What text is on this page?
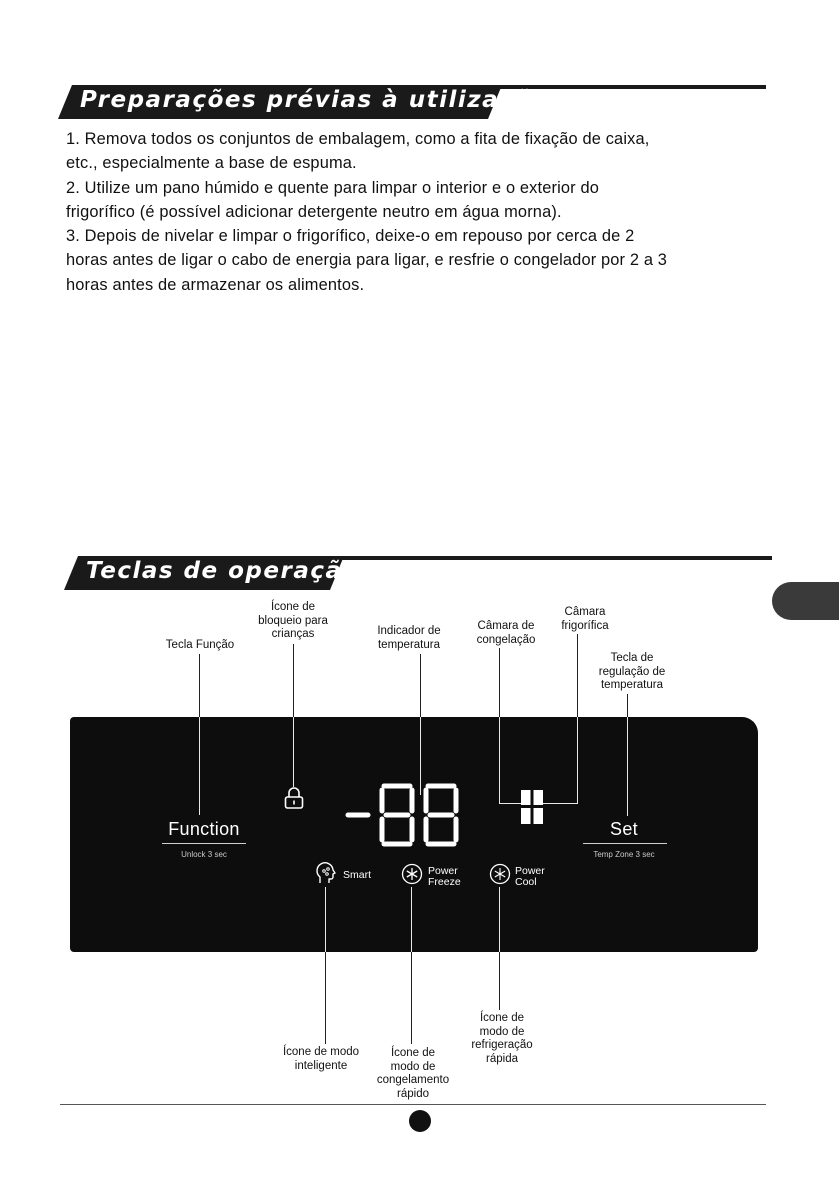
Preparações prévias à utilização

1. Remova todos os conjuntos de embalagem, como a fita de fixação de caixa,

etc., especialmente a base de espuma.

2. Utilize um pano húmido e quente para limpar o interior e o exterior do

frigorífico (é possível adicionar detergente neutro em água morna).

3. Depois de nivelar e limpar o frigorífico, deixe-o em repouso por cerca de 2

horas antes de ligar o cabo de energia para ligar, e resfrie o congelador por 2 a 3

horas antes de armazenar os alimentos.

Teclas de operação
Tecla Função
Ícone de
bloqueio para
crianças	Indicador de
temperatura
Câmara de
congelação
Câmara
frigorífica
Tecla de
regulação de
temperatura
Function
Unlock 3 sec
Set
Temp Zone 3 sec
Smart	Power
Freeze
Power
Cool
Ícone de modo
inteligente
Ícone de
modo de
congelamento
rápido
Ícone de
modo de
refrigeração
rápida
